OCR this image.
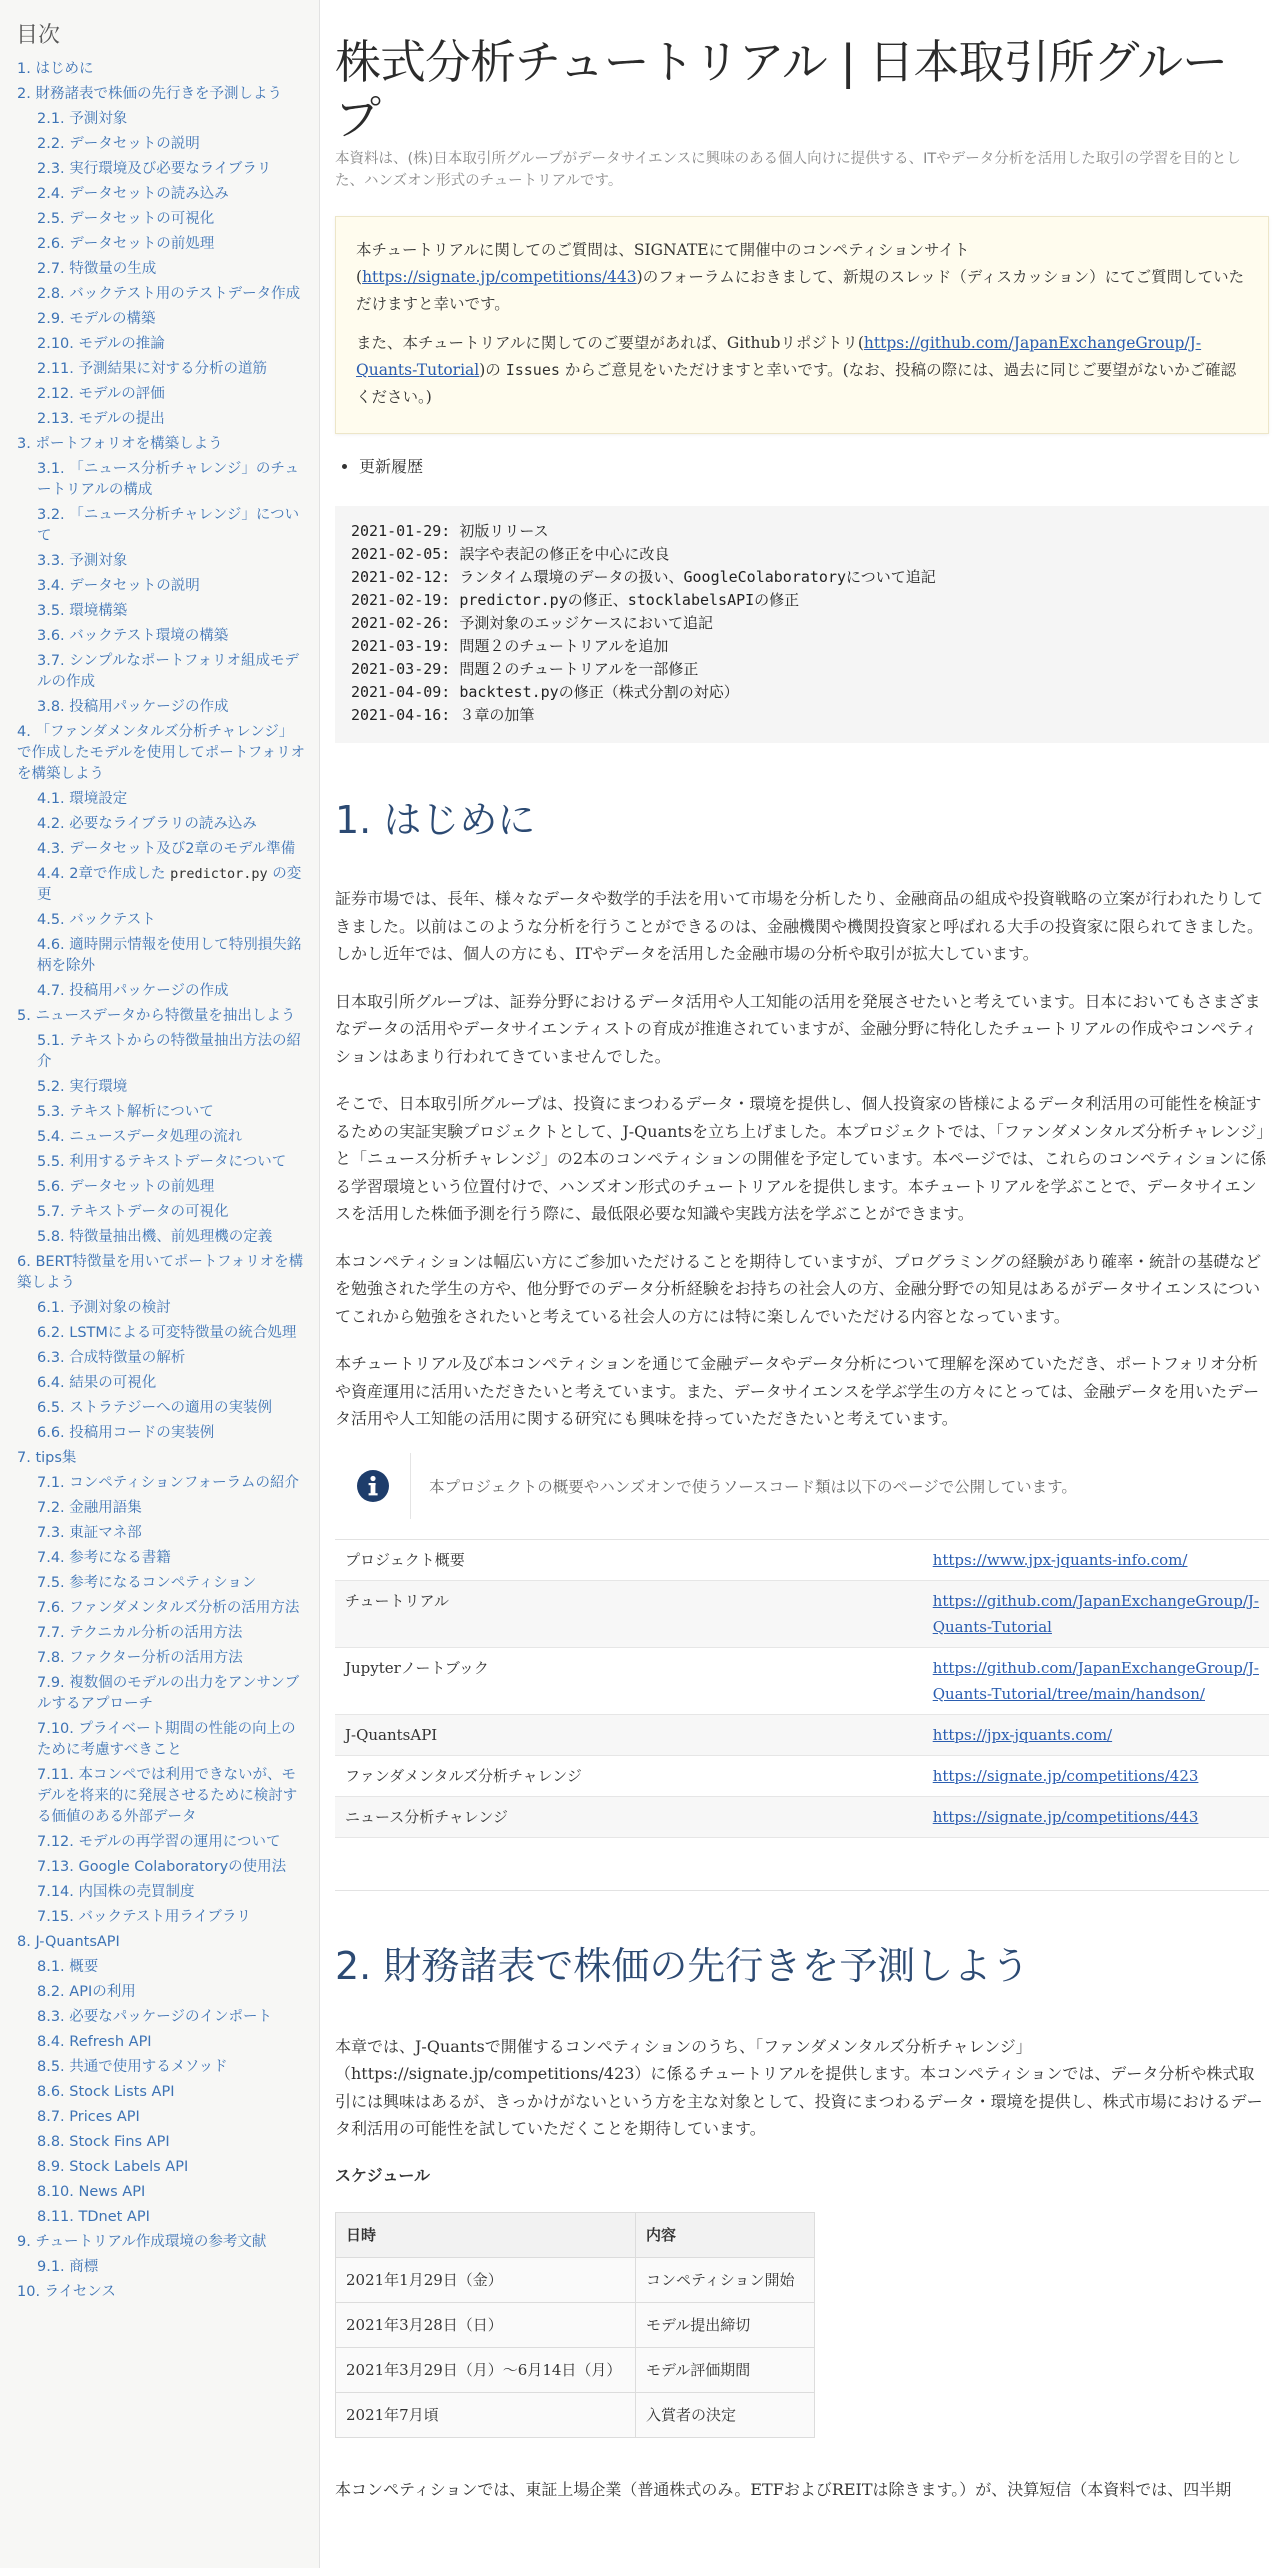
目次
1. はじめに
2. 財務諸表で株価の先行きを予測しよう
2.1. 予測対象
2.2. データセットの説明
2.3. 実行環境及び必要なライブラリ
2.4. データセットの読み込み
2.5. データセットの可視化
2.6. データセットの前処理
2.7. 特徴量の生成
2.8. バックテスト用のテストデータ作成
2.9. モデルの構築
2.10. モデルの推論
2.11. 予測結果に対する分析の道筋
2.12. モデルの評価
2.13. モデルの提出
3. ポートフォリオを構築しよう
3.1. 「ニュース分析チャレンジ」のチュートリアルの構成
3.2. 「ニュース分析チャレンジ」について
3.3. 予測対象
3.4. データセットの説明
3.5. 環境構築
3.6. バックテスト環境の構築
3.7. シンプルなポートフォリオ組成モデルの作成
3.8. 投稿用パッケージの作成
4. 「ファンダメンタルズ分析チャレンジ」で作成したモデルを使用してポートフォリオを構築しよう
4.1. 環境設定
4.2. 必要なライブラリの読み込み
4.3. データセット及び2章のモデル準備
4.4. 2章で作成した predictor.py の変更
4.5. バックテスト
4.6. 適時開示情報を使用して特別損失銘柄を除外
4.7. 投稿用パッケージの作成
5. ニュースデータから特徴量を抽出しよう
5.1. テキストからの特徴量抽出方法の紹介
5.2. 実行環境
5.3. テキスト解析について
5.4. ニュースデータ処理の流れ
5.5. 利用するテキストデータについて
5.6. データセットの前処理
5.7. テキストデータの可視化
5.8. 特徴量抽出機、前処理機の定義
6. BERT特徴量を用いてポートフォリオを構築しよう
6.1. 予測対象の検討
6.2. LSTMによる可変特徴量の統合処理
6.3. 合成特徴量の解析
6.4. 結果の可視化
6.5. ストラテジーへの適用の実装例
6.6. 投稿用コードの実装例
7. tips集
7.1. コンペティションフォーラムの紹介
7.2. 金融用語集
7.3. 東証マネ部
7.4. 参考になる書籍
7.5. 参考になるコンペティション
7.6. ファンダメンタルズ分析の活用方法
7.7. テクニカル分析の活用方法
7.8. ファクター分析の活用方法
7.9. 複数個のモデルの出力をアンサンブルするアプローチ
7.10. プライベート期間の性能の向上のために考慮すべきこと
7.11. 本コンペでは利用できないが、モデルを将来的に発展させるために検討する価値のある外部データ
7.12. モデルの再学習の運用について
7.13. Google Colaboratoryの使用法
7.14. 内国株の売買制度
7.15. バックテスト用ライブラリ
8. J-QuantsAPI
8.1. 概要
8.2. APIの利用
8.3. 必要なパッケージのインポート
8.4. Refresh API
8.5. 共通で使用するメソッド
8.6. Stock Lists API
8.7. Prices API
8.8. Stock Fins API
8.9. Stock Labels API
8.10. News API
8.11. TDnet API
9. チュートリアル作成環境の参考文献
9.1. 商標
10. ライセンス
株式分析チュートリアル | 日本取引所グループ
本資料は、(株)日本取引所グループがデータサイエンスに興味のある個人向けに提供する、ITやデータ分析を活用した取引の学習を目的とした、ハンズオン形式のチュートリアルです。

本チュートリアルに関してのご質問は、SIGNATEにて開催中のコンペティションサイト(https://signate.jp/competitions/443)のフォーラムにおきまして、新規のスレッド（ディスカッション）にてご質問していただけますと幸いです。

また、本チュートリアルに関してのご要望があれば、Githubリポジトリ(https://github.com/JapanExchangeGroup/J-Quants-Tutorial)の Issues からご意見をいただけますと幸いです。(なお、投稿の際には、過去に同じご要望がないかご確認ください。)

• 更新履歴
2021-01-29: 初版リリース
2021-02-05: 誤字や表記の修正を中心に改良
2021-02-12: ランタイム環境のデータの扱い、GoogleColaboratoryについて追記
2021-02-19: predictor.pyの修正、stocklabelsAPIの修正
2021-02-26: 予測対象のエッジケースにおいて追記
2021-03-19: 問題２のチュートリアルを追加
2021-03-29: 問題２のチュートリアルを一部修正
2021-04-09: backtest.pyの修正（株式分割の対応）
2021-04-16: ３章の加筆
1. はじめに

証券市場では、長年、様々なデータや数学的手法を用いて市場を分析したり、金融商品の組成や投資戦略の立案が行われたりしてきました。以前はこのような分析を行うことができるのは、金融機関や機関投資家と呼ばれる大手の投資家に限られてきました。しかし近年では、個人の方にも、ITやデータを活用した金融市場の分析や取引が拡大しています。

日本取引所グループは、証券分野におけるデータ活用や人工知能の活用を発展させたいと考えています。日本においてもさまざまなデータの活用やデータサイエンティストの育成が推進されていますが、金融分野に特化したチュートリアルの作成やコンペティションはあまり行われてきていませんでした。

そこで、日本取引所グループは、投資にまつわるデータ・環境を提供し、個人投資家の皆様によるデータ利活用の可能性を検証するための実証実験プロジェクトとして、J-Quantsを立ち上げました。本プロジェクトでは、「ファンダメンタルズ分析チャレンジ」と「ニュース分析チャレンジ」の2本のコンペティションの開催を予定しています。本ページでは、これらのコンペティションに係る学習環境という位置付けで、ハンズオン形式のチュートリアルを提供します。本チュートリアルを学ぶことで、データサイエンスを活用した株価予測を行う際に、最低限必要な知識や実践方法を学ぶことができます。

本コンペティションは幅広い方にご参加いただけることを期待していますが、プログラミングの経験があり確率・統計の基礎などを勉強された学生の方や、他分野でのデータ分析経験をお持ちの社会人の方、金融分野での知見はあるがデータサイエンスについてこれから勉強をされたいと考えている社会人の方には特に楽しんでいただける内容となっています。

本チュートリアル及び本コンペティションを通じて金融データやデータ分析について理解を深めていただき、ポートフォリオ分析や資産運用に活用いただきたいと考えています。また、データサイエンスを学ぶ学生の方々にとっては、金融データを用いたデータ活用や人工知能の活用に関する研究にも興味を持っていただきたいと考えています。

本プロジェクトの概要やハンズオンで使うソースコード類は以下のページで公開しています。
プロジェクト概要	https://www.jpx-jquants-info.com/
チュートリアル	https://github.com/JapanExchangeGroup/J-Quants-Tutorial
Jupyterノートブック	https://github.com/JapanExchangeGroup/J-Quants-Tutorial/tree/main/handson/
J-QuantsAPI	https://jpx-jquants.com/
ファンダメンタルズ分析チャレンジ	https://signate.jp/competitions/423
ニュース分析チャレンジ	https://signate.jp/competitions/443
2. 財務諸表で株価の先行きを予測しよう

本章では、J-Quantsで開催するコンペティションのうち、「ファンダメンタルズ分析チャレンジ」（https://signate.jp/competitions/423）に係るチュートリアルを提供します。本コンペティションでは、データ分析や株式取引には興味はあるが、きっかけがないという方を主な対象として、投資にまつわるデータ・環境を提供し、株式市場におけるデータ利活用の可能性を試していただくことを期待しています。

スケジュール
日時	内容
2021年1月29日（金）	コンペティション開始
2021年3月28日（日）	モデル提出締切
2021年3月29日（月）〜6月14日（月）	モデル評価期間
2021年7月頃	入賞者の決定

本コンペティションでは、東証上場企業（普通株式のみ。ETFおよびREITは除きます。）が、決算短信（本資料では、四半期
